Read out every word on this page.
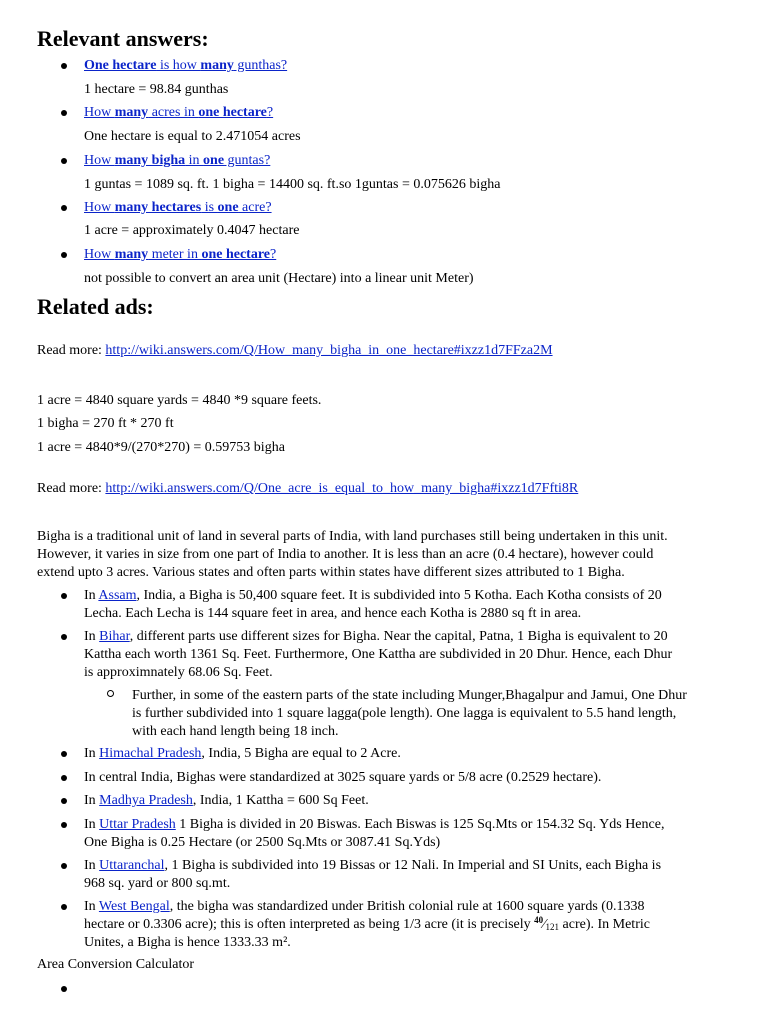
Relevant answers:
One hectare is how many gunthas?
1 hectare = 98.84 gunthas
How many acres in one hectare?
One hectare is equal to 2.471054 acres
How many bigha in one guntas?
1 guntas = 1089 sq. ft. 1 bigha = 14400 sq. ft.so 1guntas = 0.075626 bigha
How many hectares is one acre?
1 acre = approximately 0.4047 hectare
How many meter in one hectare?
not possible to convert an area unit (Hectare) into a linear unit Meter)
Related ads:
Read more: http://wiki.answers.com/Q/How_many_bigha_in_one_hectare#ixzz1d7FFza2M
1 acre = 4840 square yards = 4840 *9 square feets.
1 bigha = 270 ft * 270 ft
1 acre = 4840*9/(270*270) = 0.59753 bigha
Read more: http://wiki.answers.com/Q/One_acre_is_equal_to_how_many_bigha#ixzz1d7Ffti8R
Bigha is a traditional unit of land in several parts of India, with land purchases still being undertaken in this unit.
However, it varies in size from one part of India to another. It is less than an acre (0.4 hectare), however could
extend upto 3 acres. Various states and often parts within states have different sizes attributed to 1 Bigha.
In Assam, India, a Bigha is 50,400 square feet. It is subdivided into 5 Kotha. Each Kotha consists of 20
Lecha. Each Lecha is 144 square feet in area, and hence each Kotha is 2880 sq ft in area.
In Bihar, different parts use different sizes for Bigha. Near the capital, Patna, 1 Bigha is equivalent to 20
Kattha each worth 1361 Sq. Feet. Furthermore, One Kattha are subdivided in 20 Dhur. Hence, each Dhur
is approximnately 68.06 Sq. Feet.
Further, in some of the eastern parts of the state including Munger,Bhagalpur and Jamui, One Dhur
is further subdivided into 1 square lagga(pole length). One lagga is equivalent to 5.5 hand length,
with each hand length being 18 inch.
In Himachal Pradesh, India, 5 Bigha are equal to 2 Acre.
In central India, Bighas were standardized at 3025 square yards or 5/8 acre (0.2529 hectare).
In Madhya Pradesh, India, 1 Kattha = 600 Sq Feet.
In Uttar Pradesh 1 Bigha is divided in 20 Biswas. Each Biswas is 125 Sq.Mts or 154.32 Sq. Yds Hence,
One Bigha is 0.25 Hectare (or 2500 Sq.Mts or 3087.41 Sq.Yds)
In Uttaranchal, 1 Bigha is subdivided into 19 Bissas or 12 Nali. In Imperial and SI Units, each Bigha is
968 sq. yard or 800 sq.mt.
In West Bengal, the bigha was standardized under British colonial rule at 1600 square yards (0.1338
hectare or 0.3306 acre); this is often interpreted as being 1/3 acre (it is precisely $^{40}⁄_{121}$ acre). In Metric
Unites, a Bigha is hence 1333.33 m².
Area Conversion Calculator
